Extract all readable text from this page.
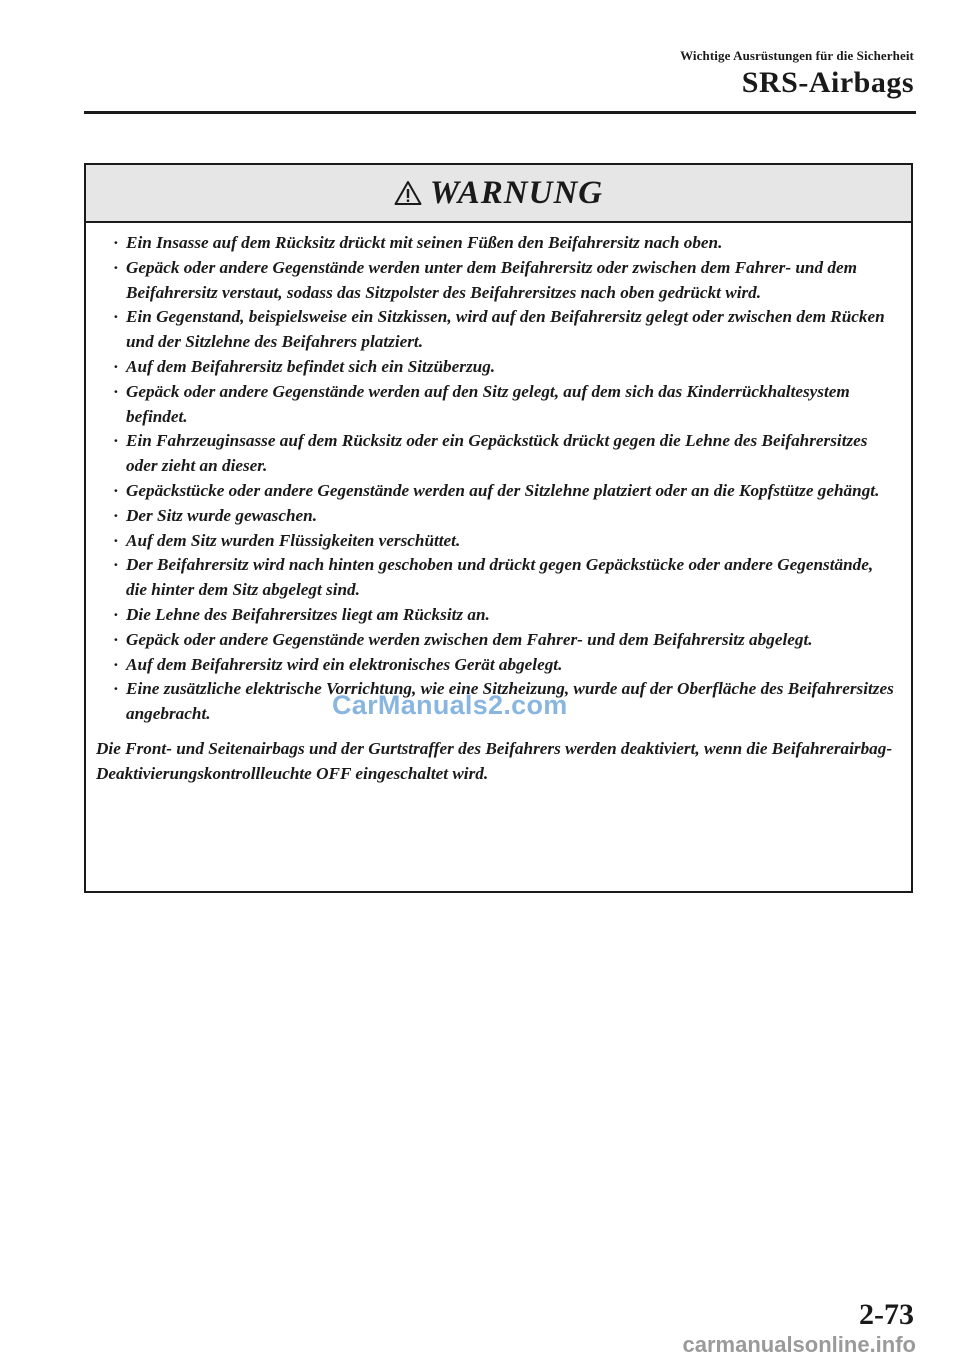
Wichtige Ausrüstungen für die Sicherheit
SRS-Airbags
WARNUNG
· Ein Insasse auf dem Rücksitz drückt mit seinen Füßen den Beifahrersitz nach oben.
· Gepäck oder andere Gegenstände werden unter dem Beifahrersitz oder zwischen dem Fahrer- und dem Beifahrersitz verstaut, sodass das Sitzpolster des Beifahrersitzes nach oben gedrückt wird.
· Ein Gegenstand, beispielsweise ein Sitzkissen, wird auf den Beifahrersitz gelegt oder zwischen dem Rücken und der Sitzlehne des Beifahrers platziert.
· Auf dem Beifahrersitz befindet sich ein Sitzüberzug.
· Gepäck oder andere Gegenstände werden auf den Sitz gelegt, auf dem sich das Kinderrückhaltesystem befindet.
· Ein Fahrzeuginsasse auf dem Rücksitz oder ein Gepäckstück drückt gegen die Lehne des Beifahrersitzes oder zieht an dieser.
· Gepäckstücke oder andere Gegenstände werden auf der Sitzlehne platziert oder an die Kopfstütze gehängt.
· Der Sitz wurde gewaschen.
· Auf dem Sitz wurden Flüssigkeiten verschüttet.
· Der Beifahrersitz wird nach hinten geschoben und drückt gegen Gepäckstücke oder andere Gegenstände, die hinter dem Sitz abgelegt sind.
· Die Lehne des Beifahrersitzes liegt am Rücksitz an.
· Gepäck oder andere Gegenstände werden zwischen dem Fahrer- und dem Beifahrersitz abgelegt.
· Auf dem Beifahrersitz wird ein elektronisches Gerät abgelegt.
· Eine zusätzliche elektrische Vorrichtung, wie eine Sitzheizung, wurde auf der Oberfläche des Beifahrersitzes angebracht.

Die Front- und Seitenairbags und der Gurtstraffer des Beifahrers werden deaktiviert, wenn die Beifahrerairbag-Deaktivierungskontrollleuchte OFF eingeschaltet wird.

CarManuals2.com
2-73
carmanualsonline.info
